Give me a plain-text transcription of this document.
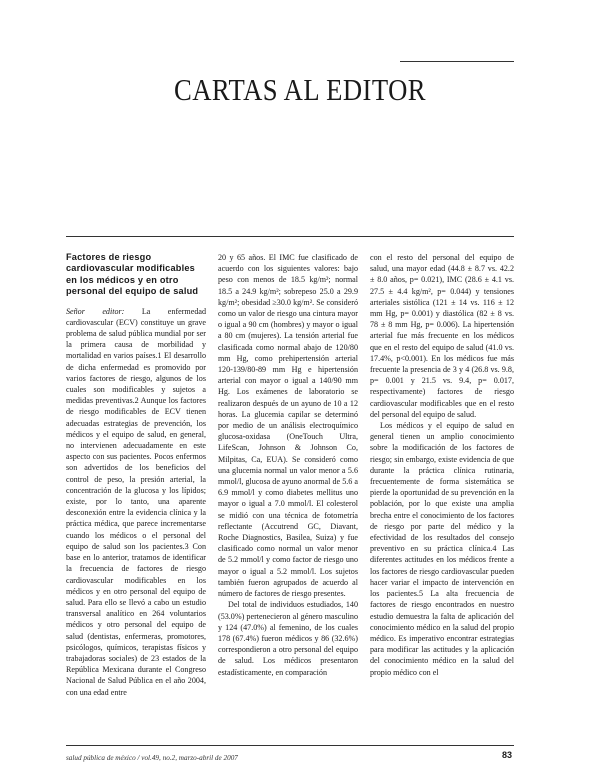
CARTAS AL EDITOR

Factores de riesgo cardiovascular modificables en los médicos y en otro personal del equipo de salud

Señor editor: La enfermedad cardiovascular (ECV) constituye un grave problema de salud pública mundial por ser la primera causa de morbilidad y mortalidad en varios países.1 El desarrollo de dicha enfermedad es promovido por varios factores de riesgo, algunos de los cuales son modificables y sujetos a medidas preventivas.2 Aunque los factores de riesgo modificables de ECV tienen adecuadas estrategias de prevención, los médicos y el equipo de salud, en general, no intervienen adecuadamente en este aspecto con sus pacientes. Pocos enfermos son advertidos de los beneficios del control de peso, la presión arterial, la concentración de la glucosa y los lípidos; existe, por lo tanto, una aparente desconexión entre la evidencia clínica y la práctica médica, que parece incrementarse cuando los médicos o el personal del equipo de salud son los pacientes.3 Con base en lo anterior, tratamos de identificar la frecuencia de factores de riesgo cardiovascular modificables en los médicos y en otro personal del equipo de salud. Para ello se llevó a cabo un estudio transversal analítico en 264 voluntarios médicos y otro personal del equipo de salud (dentistas, enfermeras, promotores, psicólogos, químicos, terapistas físicos y trabajadoras sociales) de 23 estados de la República Mexicana durante el Congreso Nacional de Salud Pública en el año 2004, con una edad entre

20 y 65 años. El IMC fue clasificado de acuerdo con los siguientes valores: bajo peso con menos de 18.5 kg/m²; normal 18.5 a 24.9 kg/m²; sobrepeso 25.0 a 29.9 kg/m²; obesidad ≥30.0 kg/m². Se consideró como un valor de riesgo una cintura mayor o igual a 90 cm (hombres) y mayor o igual a 80 cm (mujeres). La tensión arterial fue clasificada como normal abajo de 120/80 mm Hg, como prehipertensión arterial 120-139/80-89 mm Hg e hipertensión arterial con mayor o igual a 140/90 mm Hg. Los exámenes de laboratorio se realizaron después de un ayuno de 10 a 12 horas. La glucemia capilar se determinó por medio de un análisis electroquímico glucosa-oxidasa (OneTouch Ultra, LifeScan, Johnson & Johnson Co, Milpitas, Ca, EUA). Se consideró como una glucemia normal un valor menor a 5.6 mmol/l, glucosa de ayuno anormal de 5.6 a 6.9 mmol/l y como diabetes mellitus uno mayor o igual a 7.0 mmol/l. El colesterol se midió con una técnica de fotometría reflectante (Accutrend GC, Diavant, Roche Diagnostics, Basilea, Suiza) y fue clasificado como normal un valor menor de 5.2 mmol/l y como factor de riesgo uno mayor o igual a 5.2 mmol/l. Los sujetos también fueron agrupados de acuerdo al número de factores de riesgo presentes.

Del total de individuos estudiados, 140 (53.0%) pertenecieron al género masculino y 124 (47.0%) al femenino, de los cuales 178 (67.4%) fueron médicos y 86 (32.6%) correspondieron a otro personal del equipo de salud. Los médicos presentaron estadísticamente, en comparación

con el resto del personal del equipo de salud, una mayor edad (44.8 ± 8.7 vs. 42.2 ± 8.0 años, p= 0.021), IMC (28.6 ± 4.1 vs. 27.5 ± 4.4 kg/m², p= 0.044) y tensiones arteriales sistólica (121 ± 14 vs. 116 ± 12 mm Hg, p= 0.001) y diastólica (82 ± 8 vs. 78 ± 8 mm Hg, p= 0.006). La hipertensión arterial fue más frecuente en los médicos que en el resto del equipo de salud (41.0 vs. 17.4%, p<0.001). En los médicos fue más frecuente la presencia de 3 y 4 (26.8 vs. 9.8, p= 0.001 y 21.5 vs. 9.4, p= 0.017, respectivamente) factores de riesgo cardiovascular modificables que en el resto del personal del equipo de salud.

Los médicos y el equipo de salud en general tienen un amplio conocimiento sobre la modificación de los factores de riesgo; sin embargo, existe evidencia de que durante la práctica clínica rutinaria, frecuentemente de forma sistemática se pierde la oportunidad de su prevención en la población, por lo que existe una amplia brecha entre el conocimiento de los factores de riesgo por parte del médico y la efectividad de los resultados del consejo preventivo en su práctica clínica.4 Las diferentes actitudes en los médicos frente a los factores de riesgo cardiovascular pueden hacer variar el impacto de intervención en los pacientes.5 La alta frecuencia de factores de riesgo encontrados en nuestro estudio demuestra la falta de aplicación del conocimiento médico en la salud del propio médico. Es imperativo encontrar estrategias para modificar las actitudes y la aplicación del conocimiento médico en la salud del propio médico con el

salud pública de méxico / vol.49, no.2, marzo-abril de 2007	83
